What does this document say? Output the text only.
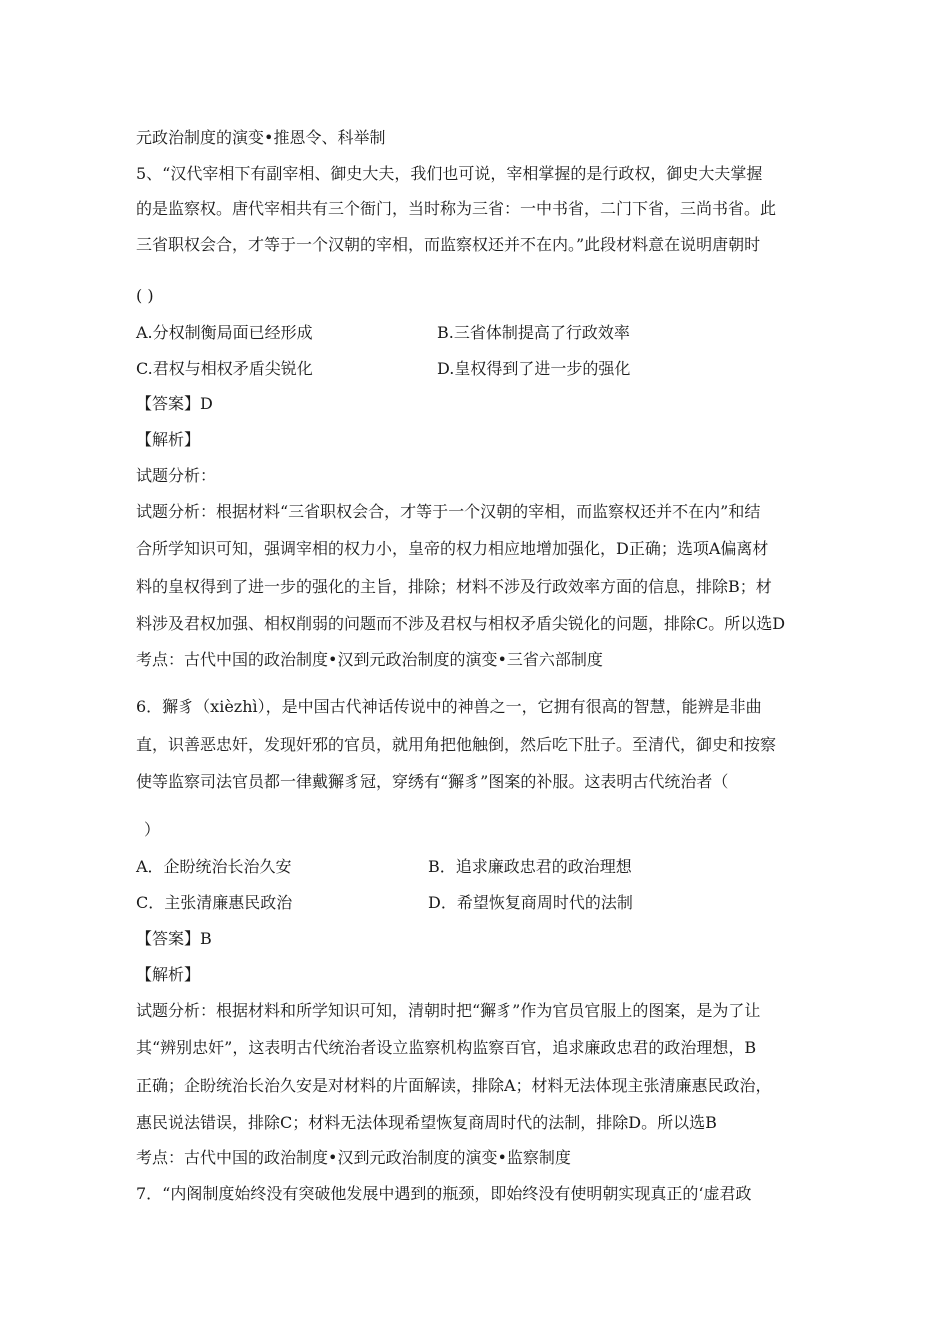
元政治制度的演变•推恩令、科举制
5、“汉代宰相下有副宰相、御史大夫，我们也可说，宰相掌握的是行政权，御史大夫掌握
的是监察权。唐代宰相共有三个衙门，当时称为三省：一中书省，二门下省，三尚书省。此
三省职权会合，才等于一个汉朝的宰相，而监察权还并不在内。”此段材料意在说明唐朝时
( )
A.分权制衡局面已经形成	B.三省体制提高了行政效率
C.君权与相权矛盾尖锐化	D.皇权得到了进一步的强化
【答案】D
【解析】
试题分析：
试题分析：根据材料“三省职权会合，才等于一个汉朝的宰相，而监察权还并不在内”和结
合所学知识可知，强调宰相的权力小，皇帝的权力相应地增加强化，D正确；选项A偏离材
料的皇权得到了进一步的强化的主旨，排除；材料不涉及行政效率方面的信息，排除B；材
料涉及君权加强、相权削弱的问题而不涉及君权与相权矛盾尖锐化的问题，排除C。所以选D
考点：古代中国的政治制度•汉到元政治制度的演变•三省六部制度
6．獬豸（xièzhì），是中国古代神话传说中的神兽之一，它拥有很高的智慧，能辨是非曲
直，识善恶忠奸，发现奸邪的官员，就用角把他触倒，然后吃下肚子。至清代，御史和按察
使等监察司法官员都一律戴獬豸冠，穿绣有“獬豸”图案的补服。这表明古代统治者（
）
A．企盼统治长治久安	B．追求廉政忠君的政治理想
C．主张清廉惠民政治	D．希望恢复商周时代的法制
【答案】B
【解析】
试题分析：根据材料和所学知识可知，清朝时把“獬豸”作为官员官服上的图案，是为了让
其“辨别忠奸”，这表明古代统治者设立监察机构监察百官，追求廉政忠君的政治理想，B
正确；企盼统治长治久安是对材料的片面解读，排除A；材料无法体现主张清廉惠民政治，
惠民说法错误，排除C；材料无法体现希望恢复商周时代的法制，排除D。所以选B
考点：古代中国的政治制度•汉到元政治制度的演变•监察制度
7．“内阁制度始终没有突破他发展中遇到的瓶颈，即始终没有使明朝实现真正的‘虚君政
